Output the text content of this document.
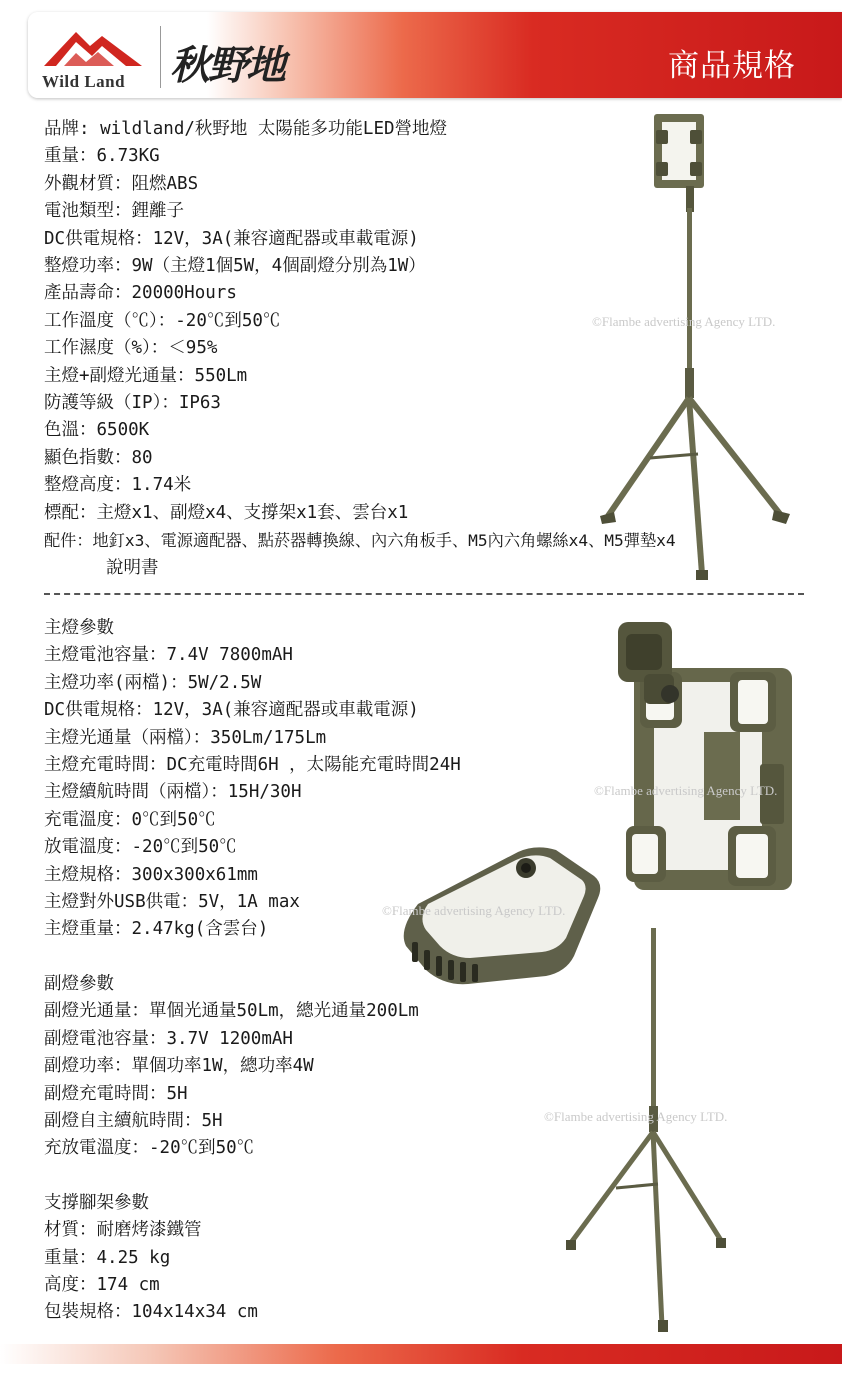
Wild Land 秋野地	商品規格
©Flambe advertising Agency LTD.
©Flambe advertising Agency LTD.
©Flambe advertising Agency LTD.
©Flambe advertising Agency LTD.
品牌: wildland/秋野地 太陽能多功能LED營地燈
重量：6.73KG
外觀材質：阻燃ABS
電池類型：鋰離子
DC供電規格：12V，3A(兼容適配器或車載電源)
整燈功率：9W（主燈1個5W，4個副燈分別為1W）
產品壽命：20000Hours
工作溫度（℃）：-20℃到50℃
工作濕度（%）：＜95%
主燈+副燈光通量：550Lm
防護等級（IP）：IP63
色溫：6500K
顯色指數：80
整燈高度：1.74米
標配：主燈x1、副燈x4、支撐架x1套、雲台x1
配件：地釘x3、電源適配器、點菸器轉換線、內六角板手、M5內六角螺絲x4、M5彈墊x4
說明書
主燈參數
主燈電池容量：7.4V 7800mAH
主燈功率(兩檔)：5W/2.5W
DC供電規格：12V，3A(兼容適配器或車載電源)
主燈光通量（兩檔）：350Lm/175Lm
主燈充電時間：DC充電時間6H ，太陽能充電時間24H
主燈續航時間（兩檔）：15H/30H
充電溫度：0℃到50℃
放電溫度：-20℃到50℃
主燈規格：300x300x61mm
主燈對外USB供電：5V，1A max
主燈重量：2.47kg(含雲台)
副燈參數
副燈光通量：單個光通量50Lm，總光通量200Lm
副燈電池容量：3.7V 1200mAH
副燈功率：單個功率1W，總功率4W
副燈充電時間：5H
副燈自主續航時間：5H
充放電溫度：-20℃到50℃
支撐腳架參數
材質：耐磨烤漆鐵管
重量：4.25 kg
高度：174 cm
包裝規格：104x14x34 cm
